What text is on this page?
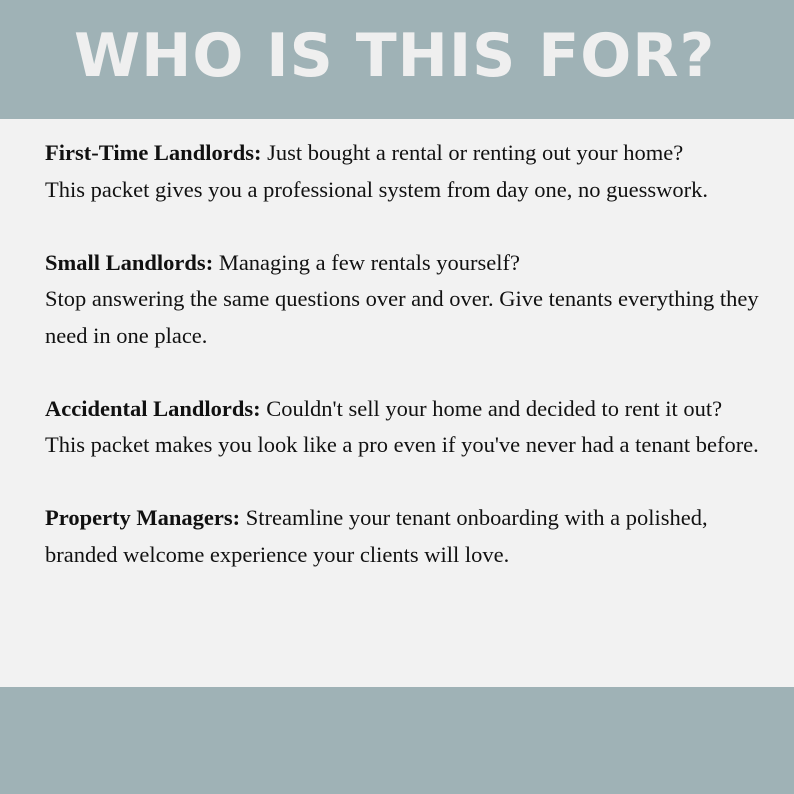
WHO IS THIS FOR?

First-Time Landlords: Just bought a rental or renting out your home?
This packet gives you a professional system from day one, no guesswork.

Small Landlords: Managing a few rentals yourself?
Stop answering the same questions over and over. Give tenants everything they need in one place.

Accidental Landlords: Couldn't sell your home and decided to rent it out? This packet makes you look like a pro even if you've never had a tenant before.

Property Managers: Streamline your tenant onboarding with a polished, branded welcome experience your clients will love.
